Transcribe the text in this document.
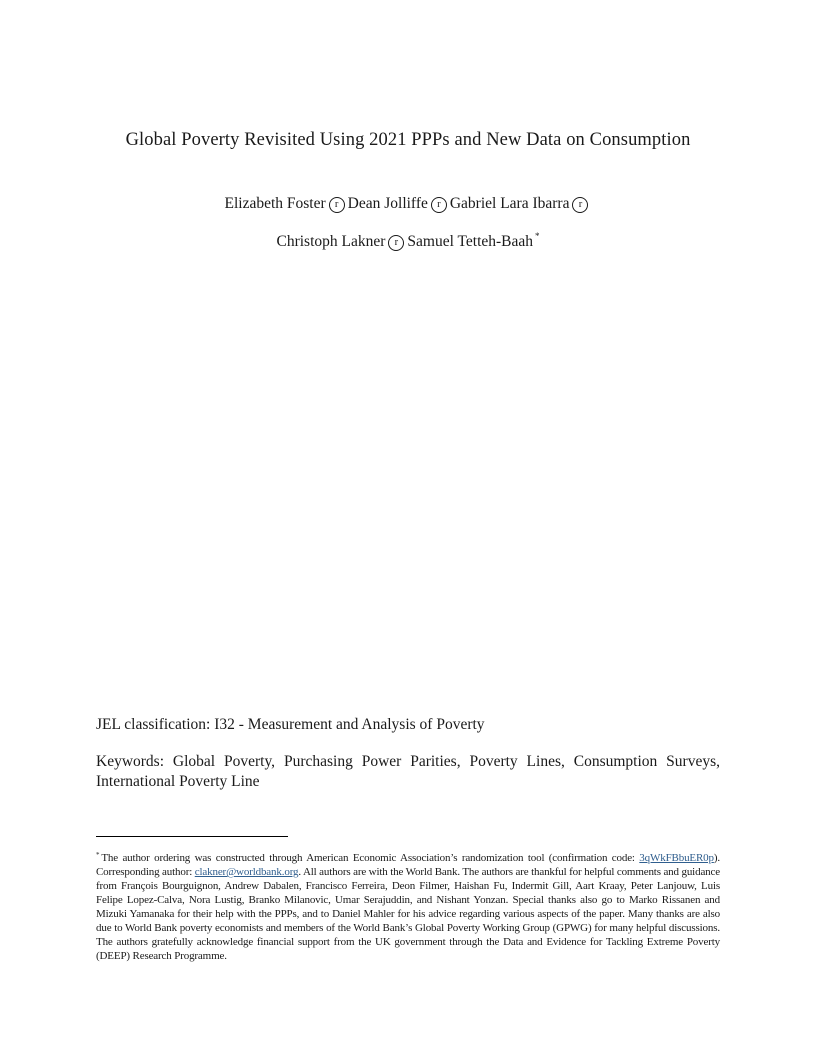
Global Poverty Revisited Using 2021 PPPs and New Data on Consumption
Elizabeth Foster r Dean Jolliffe r Gabriel Lara Ibarra r
Christoph Lakner r Samuel Tetteh-Baah *
JEL classification: I32 - Measurement and Analysis of Poverty
Keywords: Global Poverty, Purchasing Power Parities, Poverty Lines, Consumption Surveys, International Poverty Line
* The author ordering was constructed through American Economic Association’s randomization tool (confirmation code: 3qWkFBbuER0p). Corresponding author: clakner@worldbank.org. All authors are with the World Bank. The authors are thankful for helpful comments and guidance from François Bourguignon, Andrew Dabalen, Francisco Ferreira, Deon Filmer, Haishan Fu, Indermit Gill, Aart Kraay, Peter Lanjouw, Luis Felipe Lopez-Calva, Nora Lustig, Branko Milanovic, Umar Serajuddin, and Nishant Yonzan. Special thanks also go to Marko Rissanen and Mizuki Yamanaka for their help with the PPPs, and to Daniel Mahler for his advice regarding various aspects of the paper. Many thanks are also due to World Bank poverty economists and members of the World Bank’s Global Poverty Working Group (GPWG) for many helpful discussions. The authors gratefully acknowledge financial support from the UK government through the Data and Evidence for Tackling Extreme Poverty (DEEP) Research Programme.
